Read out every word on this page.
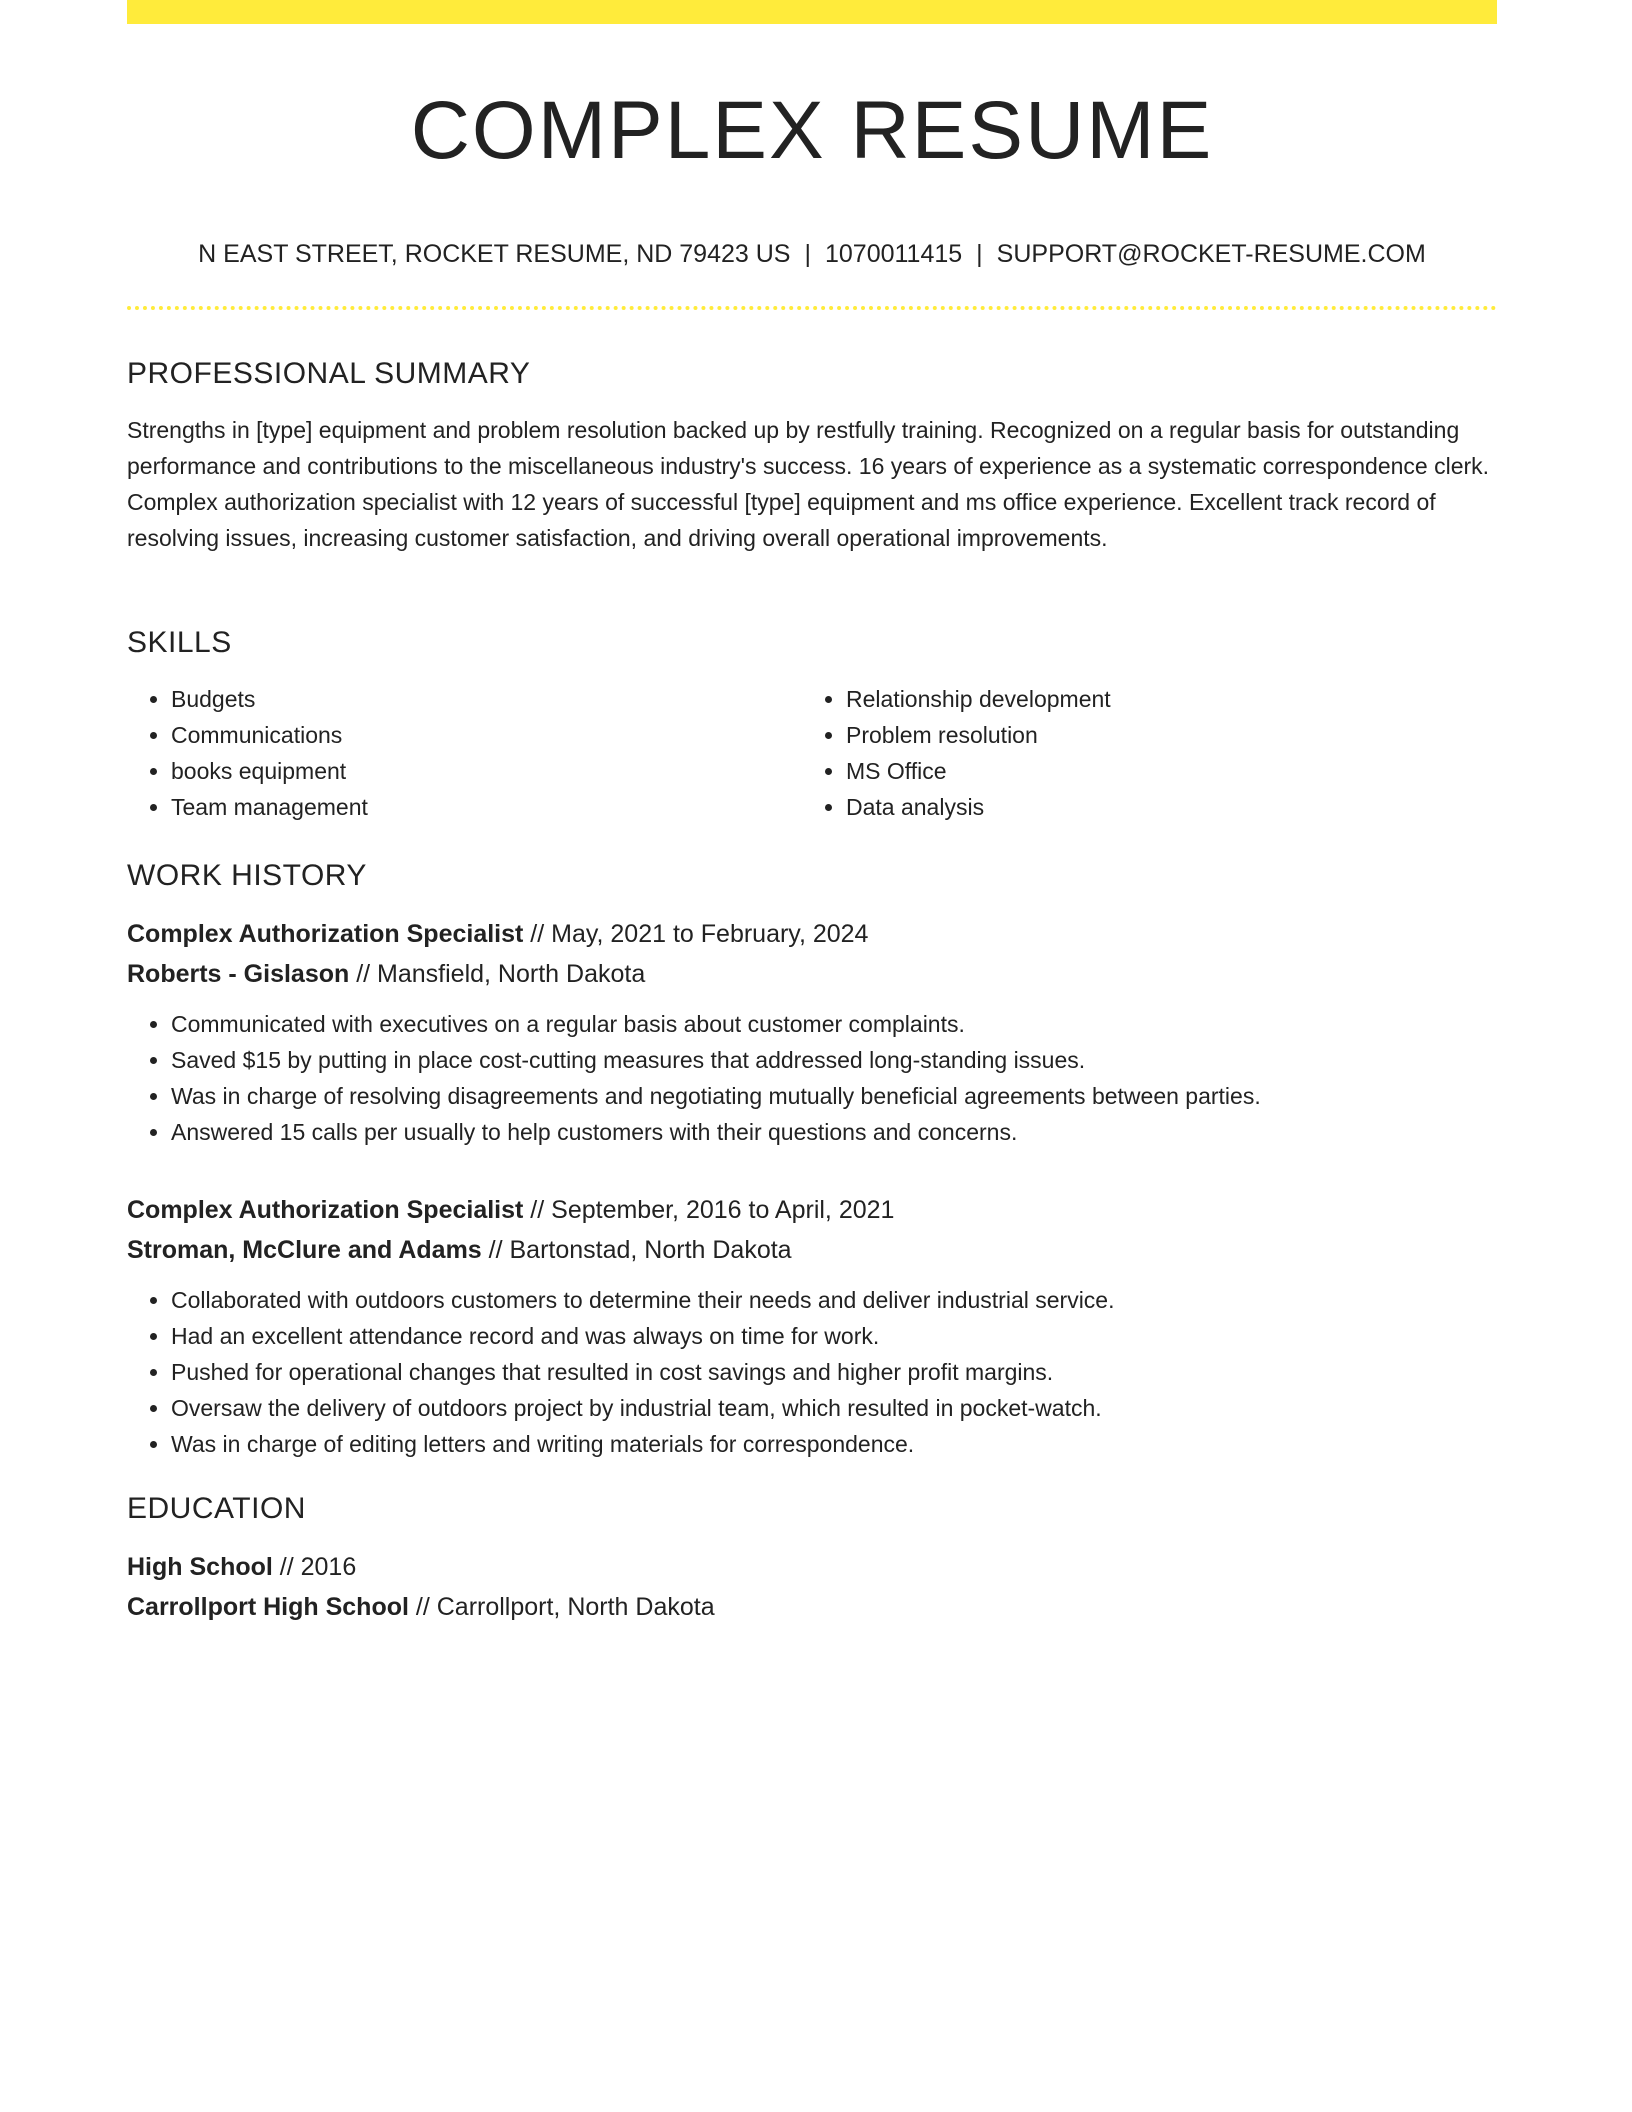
COMPLEX RESUME
N EAST STREET, ROCKET RESUME, ND 79423 US | 1070011415 | SUPPORT@ROCKET-RESUME.COM
PROFESSIONAL SUMMARY

Strengths in [type] equipment and problem resolution backed up by restfully training. Recognized on a regular basis for outstanding performance and contributions to the miscellaneous industry's success. 16 years of experience as a systematic correspondence clerk. Complex authorization specialist with 12 years of successful [type] equipment and ms office experience. Excellent track record of resolving issues, increasing customer satisfaction, and driving overall operational improvements.

SKILLS
• Budgets
• Communications
• books equipment
• Team management
• Relationship development
• Problem resolution
• MS Office
• Data analysis
WORK HISTORY
Complex Authorization Specialist // May, 2021 to February, 2024
Roberts - Gislason // Mansfield, North Dakota
• Communicated with executives on a regular basis about customer complaints.
• Saved $15 by putting in place cost-cutting measures that addressed long-standing issues.
• Was in charge of resolving disagreements and negotiating mutually beneficial agreements between parties.
• Answered 15 calls per usually to help customers with their questions and concerns.
Complex Authorization Specialist // September, 2016 to April, 2021
Stroman, McClure and Adams // Bartonstad, North Dakota
• Collaborated with outdoors customers to determine their needs and deliver industrial service.
• Had an excellent attendance record and was always on time for work.
• Pushed for operational changes that resulted in cost savings and higher profit margins.
• Oversaw the delivery of outdoors project by industrial team, which resulted in pocket-watch.
• Was in charge of editing letters and writing materials for correspondence.
EDUCATION
High School // 2016
Carrollport High School // Carrollport, North Dakota
